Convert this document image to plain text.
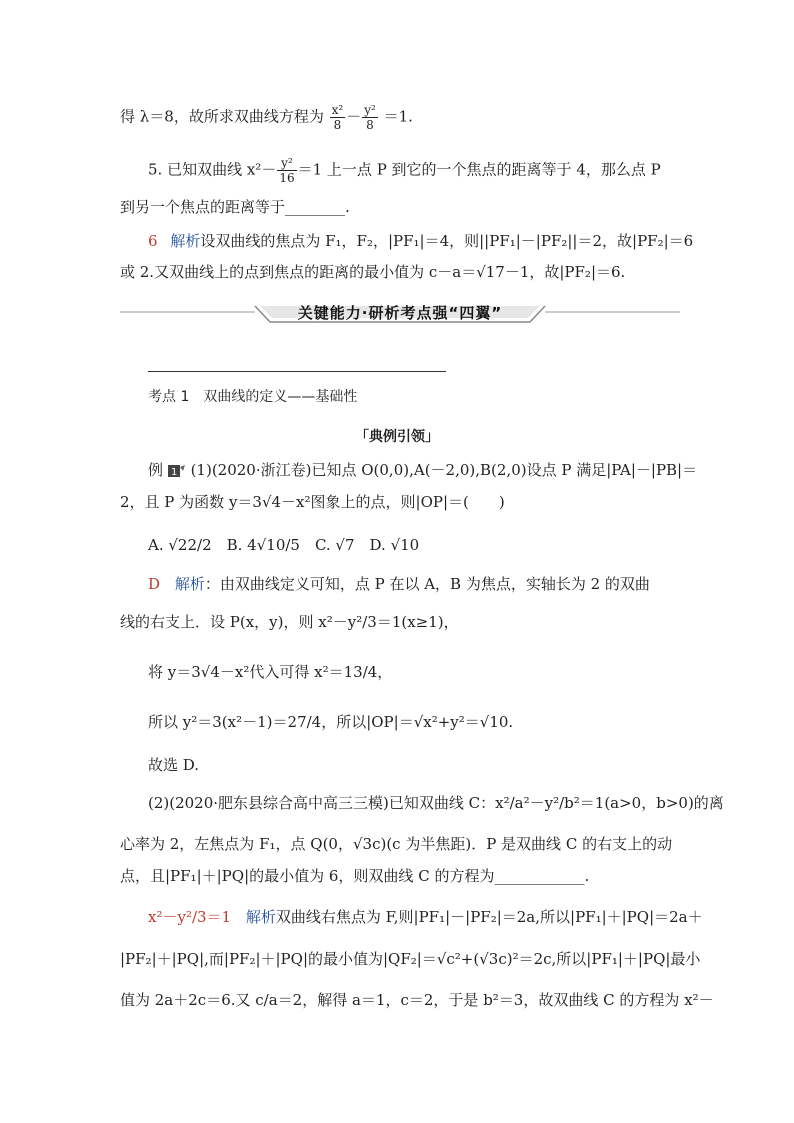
得 λ＝8，故所求双曲线方程为 $\frac{\text{x²}}{8} - \frac{\text{y²}}{8} =1$.
5. 已知双曲线 $x^2- \frac{\text{y²}}{16} =1$ 上一点 P 到它的一个焦点的距离等于 4，那么点 P
到另一个焦点的距离等于________.
6 解析设双曲线的焦点为 F₁，F₂，|PF₁|＝4，则||PF₁|－|PF₂||＝2，故|PF₂|＝6
或 2.又双曲线上的点到焦点的距离的最小值为 c－a＝√17－1，故|PF₂|＝6.
关键能力·研析考点强“四翼”
考点 1　双曲线的定义——基础性
「典例引领」
例 1 (1)(2020·浙江卷)已知点 O(0,0),A(－2,0),B(2,0)设点 P 满足|PA|－|PB|＝
2，且 P 为函数 y＝3√4－x²图象上的点，则|OP|＝(　　)
A. √22/2　B. 4√10/5　C. √7　D. √10
D 解析：由双曲线定义可知，点 P 在以 A，B 为焦点，实轴长为 2 的双曲
线的右支上．设 P(x，y)，则 x²－y²/3＝1(x≥1)，
将 y＝3√4－x²代入可得 x²＝13/4，
所以 y²＝3(x²－1)＝27/4，所以|OP|＝√x²+y²＝√10.
故选 D.
(2)(2020·肥东县综合高中高三三模)已知双曲线 C：x²/a²－y²/b²＝1(a>0，b>0)的离
心率为 2，左焦点为 F₁，点 Q(0，√3c)(c 为半焦距)．P 是双曲线 C 的右支上的动
点，且|PF₁|＋|PQ|的最小值为 6，则双曲线 C 的方程为____________.
x²－y²/3＝1 解析双曲线右焦点为 F,则|PF₁|－|PF₂|＝2a,所以|PF₁|＋|PQ|＝2a＋
|PF₂|＋|PQ|,而|PF₂|＋|PQ|的最小值为|QF₂|＝√c²+(√3c)²＝2c,所以|PF₁|＋|PQ|最小
值为 2a＋2c＝6.又 c/a＝2，解得 a＝1，c＝2，于是 b²＝3，故双曲线 C 的方程为 x²－
